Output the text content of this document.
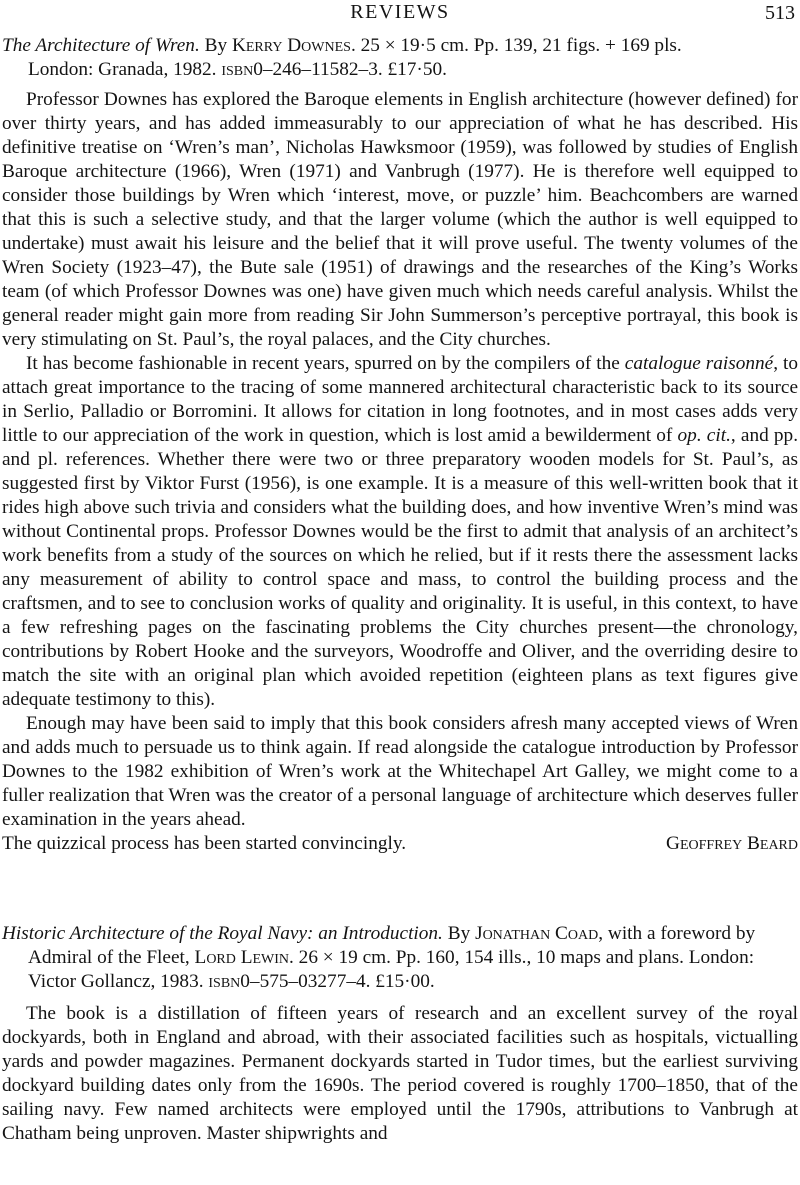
REVIEWS	513

The Architecture of Wren. By Kerry Downes. 25 × 19·5 cm. Pp. 139, 21 figs. + 169 pls.
London: Granada, 1982. isbn0–246–11582–3. £17·50.

Professor Downes has explored the Baroque elements in English architecture (however defined) for over thirty years, and has added immeasurably to our appreciation of what he has described. His definitive treatise on ‘Wren’s man’, Nicholas Hawksmoor (1959), was followed by studies of English Baroque architecture (1966), Wren (1971) and Vanbrugh (1977). He is therefore well equipped to consider those buildings by Wren which ‘interest, move, or puzzle’ him. Beachcombers are warned that this is such a selective study, and that the larger volume (which the author is well equipped to undertake) must await his leisure and the belief that it will prove useful. The twenty volumes of the Wren Society (1923–47), the Bute sale (1951) of drawings and the researches of the King’s Works team (of which Professor Downes was one) have given much which needs careful analysis. Whilst the general reader might gain more from reading Sir John Summerson’s perceptive portrayal, this book is very stimulating on St. Paul’s, the royal palaces, and the City churches.

It has become fashionable in recent years, spurred on by the compilers of the catalogue raisonné, to attach great importance to the tracing of some mannered architectural characteristic back to its source in Serlio, Palladio or Borromini. It allows for citation in long footnotes, and in most cases adds very little to our appreciation of the work in question, which is lost amid a bewilderment of op. cit., and pp. and pl. references. Whether there were two or three preparatory wooden models for St. Paul’s, as suggested first by Viktor Furst (1956), is one example. It is a measure of this well-written book that it rides high above such trivia and considers what the building does, and how inventive Wren’s mind was without Continental props. Professor Downes would be the first to admit that analysis of an architect’s work benefits from a study of the sources on which he relied, but if it rests there the assessment lacks any measurement of ability to control space and mass, to control the building process and the craftsmen, and to see to conclusion works of quality and originality. It is useful, in this context, to have a few refreshing pages on the fascinating problems the City churches present—the chronology, contributions by Robert Hooke and the surveyors, Woodroffe and Oliver, and the overriding desire to match the site with an original plan which avoided repetition (eighteen plans as text figures give adequate testimony to this).

Enough may have been said to imply that this book considers afresh many accepted views of Wren and adds much to persuade us to think again. If read alongside the catalogue introduction by Professor Downes to the 1982 exhibition of Wren’s work at the Whitechapel Art Galley, we might come to a fuller realization that Wren was the creator of a personal language of architecture which deserves fuller examination in the years ahead.

The quizzical process has been started convincingly.	Geoffrey Beard

Historic Architecture of the Royal Navy: an Introduction. By Jonathan Coad, with a foreword by Admiral of the Fleet, Lord Lewin. 26 × 19 cm. Pp. 160, 154 ills., 10 maps and plans. London: Victor Gollancz, 1983. isbn0–575–03277–4. £15·00.

The book is a distillation of fifteen years of research and an excellent survey of the royal dockyards, both in England and abroad, with their associated facilities such as hospitals, victualling yards and powder magazines. Permanent dockyards started in Tudor times, but the earliest surviving dockyard building dates only from the 1690s. The period covered is roughly 1700–1850, that of the sailing navy. Few named architects were employed until the 1790s, attributions to Vanbrugh at Chatham being unproven. Master shipwrights and
